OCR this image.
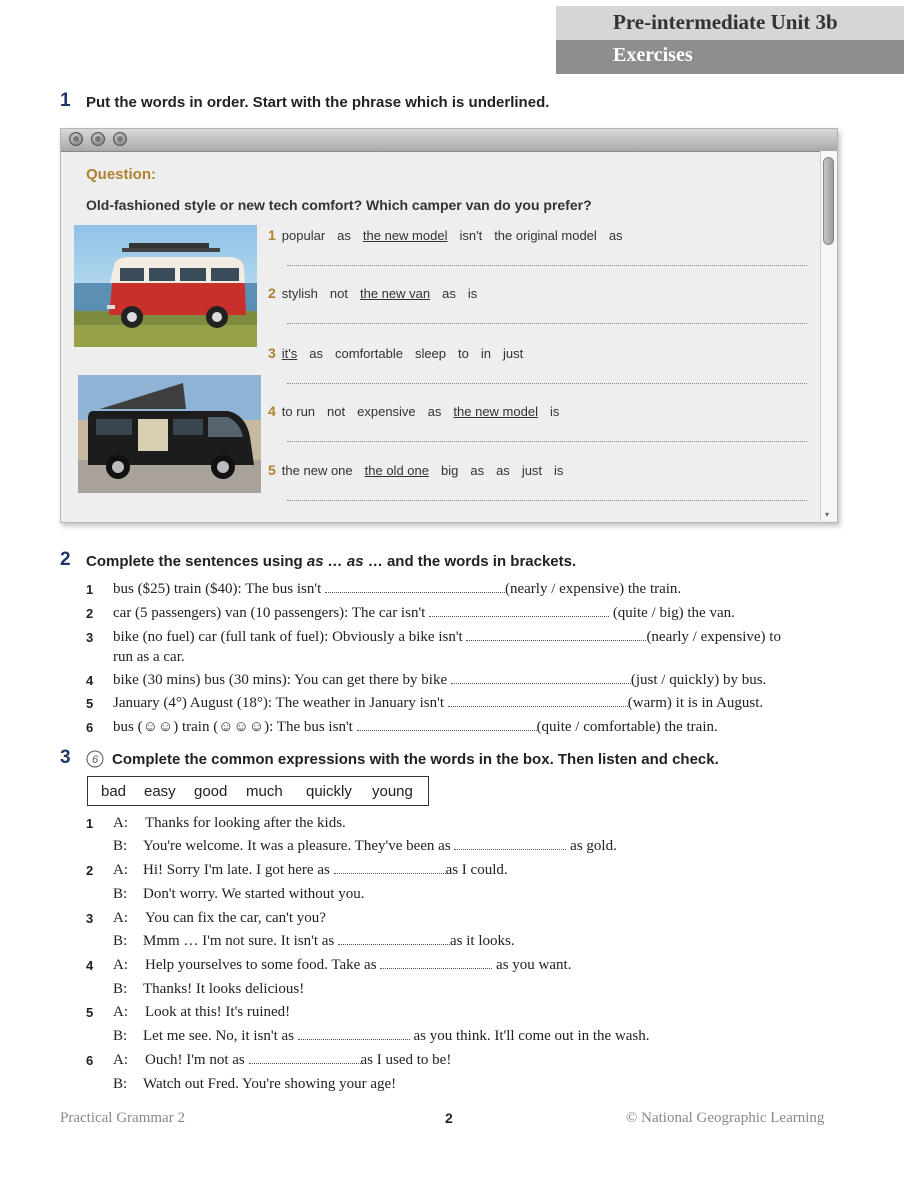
Pre-intermediate Unit 3b
Exercises
1 Put the words in order. Start with the phrase which is underlined.
▾
Question:
Old-fashioned style or new tech comfort? Which camper van do you prefer?
1 popular as the new model isn't the original model as
2 stylish not the new van as is
3 it's as comfortable sleep to in just
4 to run not expensive as the new model is
5 the new one the old one big as as just is
2 Complete the sentences using as … as … and the words in brackets.
1 bus ($25) train ($40): The bus isn't	(nearly / expensive) the train.
2 car (5 passengers) van (10 passengers): The car isn't	(quite / big) the van.
3 bike (no fuel) car (full tank of fuel): Obviously a bike isn't	(nearly / expensive) to
run as a car.
4 bike (30 mins) bus (30 mins): You can get there by bike	(just / quickly) by bus.
5 January (4°) August (18°): The weather in January isn't	(warm) it is in August.
6 bus (☺☺) train (☺☺☺): The bus isn't	(quite / comfortable) the train.
3 6 Complete the common expressions with the words in the box. Then listen and check.
bad easy good much quickly young
1 A: Thanks for looking after the kids.
B: You're welcome. It was a pleasure. They've been as	as gold.
2 A: Hi! Sorry I'm late. I got here as	as I could.
B: Don't worry. We started without you.
3 A: You can fix the car, can't you?
B: Mmm … I'm not sure. It isn't as	as it looks.
4 A: Help yourselves to some food. Take as	as you want.
B: Thanks! It looks delicious!
5 A: Look at this! It's ruined!
B: Let me see. No, it isn't as	as you think. It'll come out in the wash.
6 A: Ouch! I'm not as	as I used to be!
B: Watch out Fred. You're showing your age!
Practical Grammar 2	2	© National Geographic Learning
